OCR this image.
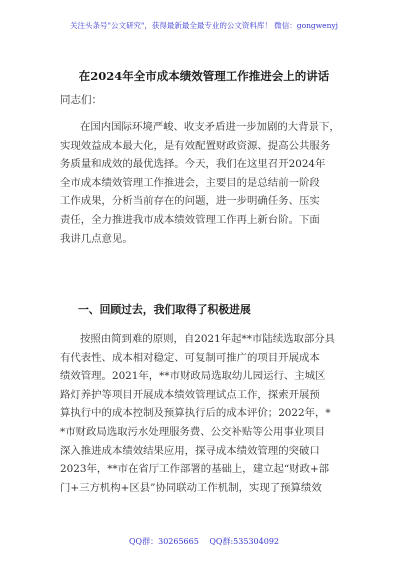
关注头条号"公文研究"，获得最新最全最专业的公文资料库！ 微信：gongwenyj
在2024年全市成本绩效管理工作推进会上的讲话
同志们：
在国内国际环境严峻、收支矛盾进一步加剧的大背景下，
实现效益成本最大化，是有效配置财政资源、提高公共服务
务质量和成效的最优选择。今天，我们在这里召开2024年
全市成本绩效管理工作推进会，主要目的是总结前一阶段
工作成果，分析当前存在的问题，进一步明确任务、压实
责任，全力推进我市成本绩效管理工作再上新台阶。下面
我讲几点意见。
一、回顾过去，我们取得了积极进展
按照由简到难的原则，自2021年起**市陆续选取部分具
有代表性、成本相对稳定、可复制可推广的项目开展成本
绩效管理。2021年，**市财政局选取幼儿园运行、主城区
路灯养护等项目开展成本绩效管理试点工作，探索开展预
算执行中的成本控制及预算执行后的成本评价；2022年，*
*市财政局选取污水处理服务费、公交补贴等公用事业项目
深入推进成本绩效结果应用，探寻成本绩效管理的突破口
2023年，**市在省厅工作部署的基础上，建立起“财政+部
门+三方机构+区县”协同联动工作机制，实现了预算绩效
QQ群：30265665 QQ群:535304092
